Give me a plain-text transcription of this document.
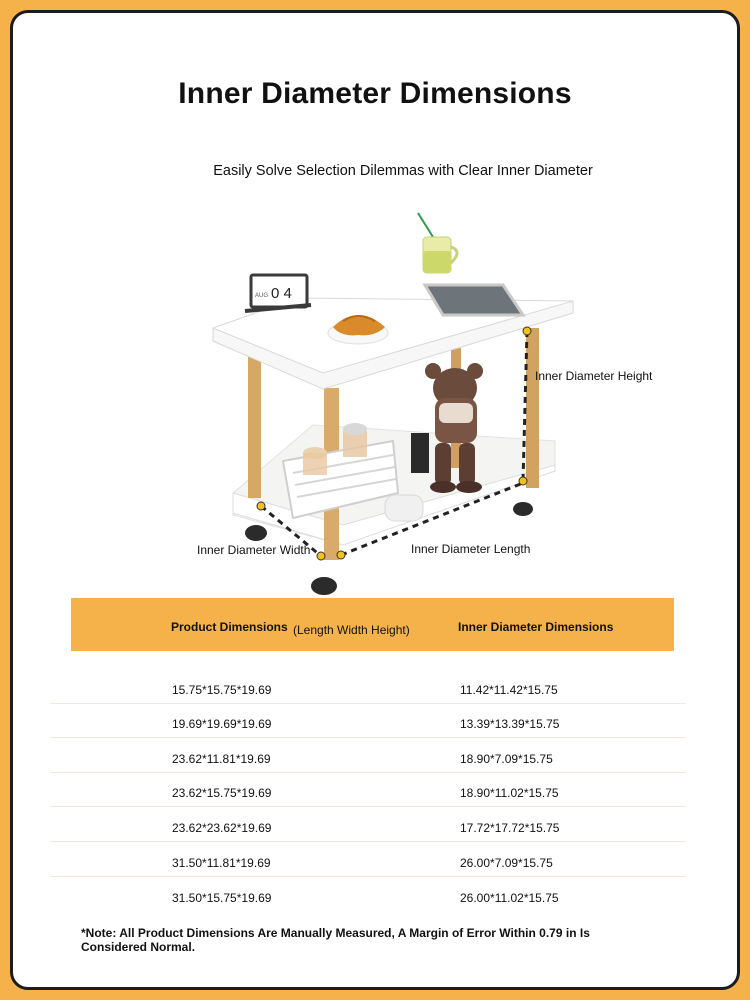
Inner Diameter Dimensions
Easily Solve Selection Dilemmas with Clear Inner Diameter
0 4
AUG
Inner Diameter Height
Inner Diameter Width	Inner Diameter Length
Product Dimensions (Length Width Height)	Inner Diameter Dimensions
15.75*15.75*19.69	11.42*11.42*15.75
19.69*19.69*19.69	13.39*13.39*15.75
23.62*11.81*19.69	18.90*7.09*15.75
23.62*15.75*19.69	18.90*11.02*15.75
23.62*23.62*19.69	17.72*17.72*15.75
31.50*11.81*19.69	26.00*7.09*15.75
31.50*15.75*19.69	26.00*11.02*15.75
*Note: All Product Dimensions Are Manually Measured, A Margin of Error Within 0.79 in Is Considered Normal.
